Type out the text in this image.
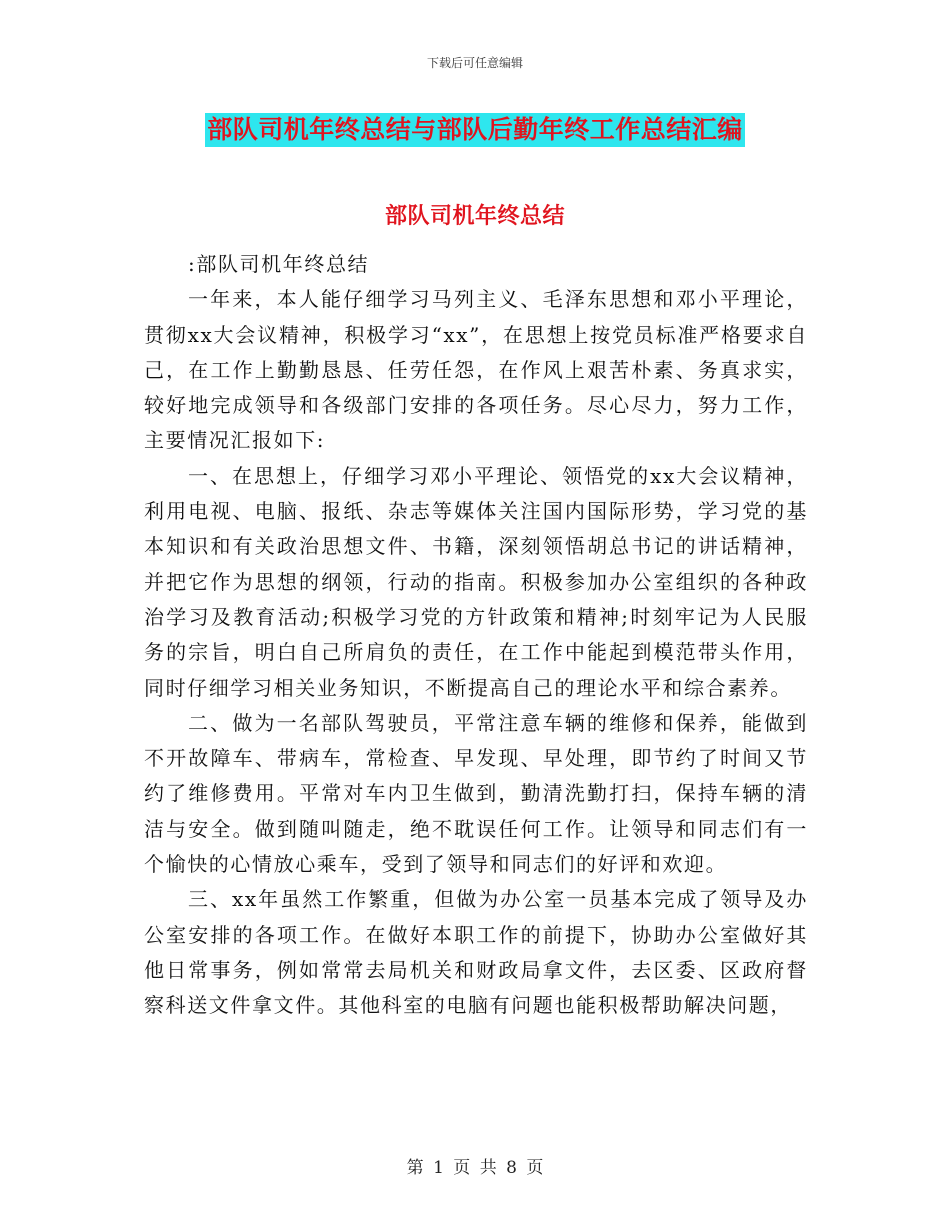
下载后可任意编辑
部队司机年终总结与部队后勤年终工作总结汇编
部队司机年终总结

:部队司机年终总结

一年来，本人能仔细学习马列主义、毛泽东思想和邓小平理论，贯彻xx大会议精神，积极学习“xx”，在思想上按党员标准严格要求自己，在工作上勤勤恳恳、任劳任怨，在作风上艰苦朴素、务真求实，较好地完成领导和各级部门安排的各项任务。尽心尽力，努力工作，主要情况汇报如下:

一、在思想上，仔细学习邓小平理论、领悟党的xx大会议精神，利用电视、电脑、报纸、杂志等媒体关注国内国际形势，学习党的基本知识和有关政治思想文件、书籍，深刻领悟胡总书记的讲话精神，并把它作为思想的纲领，行动的指南。积极参加办公室组织的各种政治学习及教育活动;积极学习党的方针政策和精神;时刻牢记为人民服务的宗旨，明白自己所肩负的责任，在工作中能起到模范带头作用，同时仔细学习相关业务知识，不断提高自己的理论水平和综合素养。

二、做为一名部队驾驶员，平常注意车辆的维修和保养，能做到不开故障车、带病车，常检查、早发现、早处理，即节约了时间又节约了维修费用。平常对车内卫生做到，勤清洗勤打扫，保持车辆的清洁与安全。做到随叫随走，绝不耽误任何工作。让领导和同志们有一个愉快的心情放心乘车，受到了领导和同志们的好评和欢迎。

三、xx年虽然工作繁重，但做为办公室一员基本完成了领导及办公室安排的各项工作。在做好本职工作的前提下，协助办公室做好其他日常事务，例如常常去局机关和财政局拿文件，去区委、区政府督察科送文件拿文件。其他科室的电脑有问题也能积极帮助解决问题，

第 1 页 共 8 页
